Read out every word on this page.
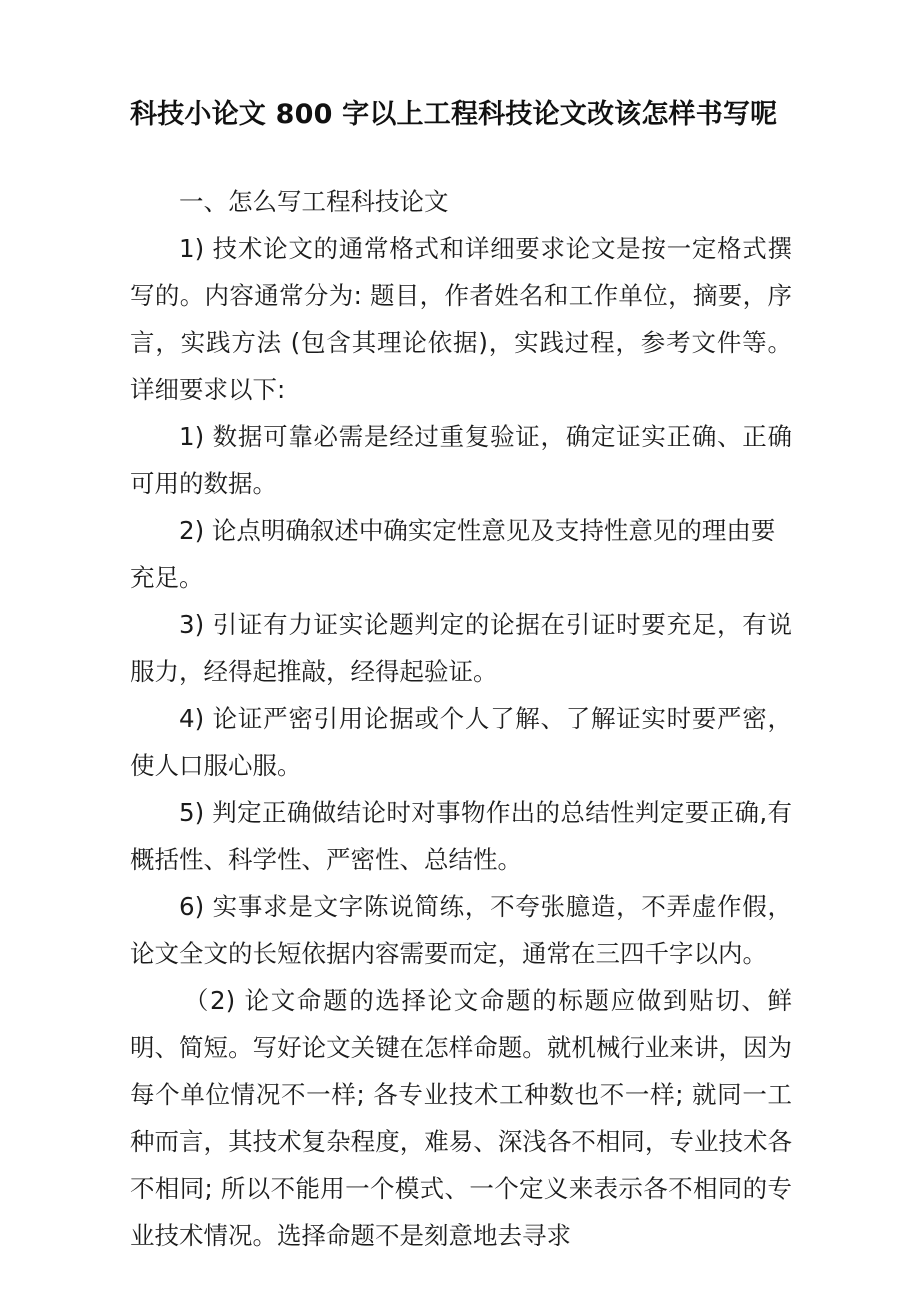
科技小论文 800 字以上工程科技论文改该怎样书写呢

一、怎么写工程科技论文

1) 技术论文的通常格式和详细要求论文是按一定格式撰写的。内容通常分为: 题目，作者姓名和工作单位，摘要，序言，实践方法 (包含其理论依据)，实践过程，参考文件等。详细要求以下:

1) 数据可靠必需是经过重复验证，确定证实正确、正确可用的数据。

2) 论点明确叙述中确实定性意见及支持性意见的理由要充足。

3) 引证有力证实论题判定的论据在引证时要充足，有说服力，经得起推敲，经得起验证。

4) 论证严密引用论据或个人了解、了解证实时要严密，使人口服心服。

5) 判定正确做结论时对事物作出的总结性判定要正确,有概括性、科学性、严密性、总结性。

6) 实事求是文字陈说简练，不夸张臆造，不弄虚作假，论文全文的长短依据内容需要而定，通常在三四千字以内。

（2) 论文命题的选择论文命题的标题应做到贴切、鲜明、简短。写好论文关键在怎样命题。就机械行业来讲，因为每个单位情况不一样; 各专业技术工种数也不一样; 就同一工种而言，其技术复杂程度，难易、深浅各不相同，专业技术各不相同; 所以不能用一个模式、一个定义来表示各不相同的专业技术情况。选择命题不是刻意地去寻求
